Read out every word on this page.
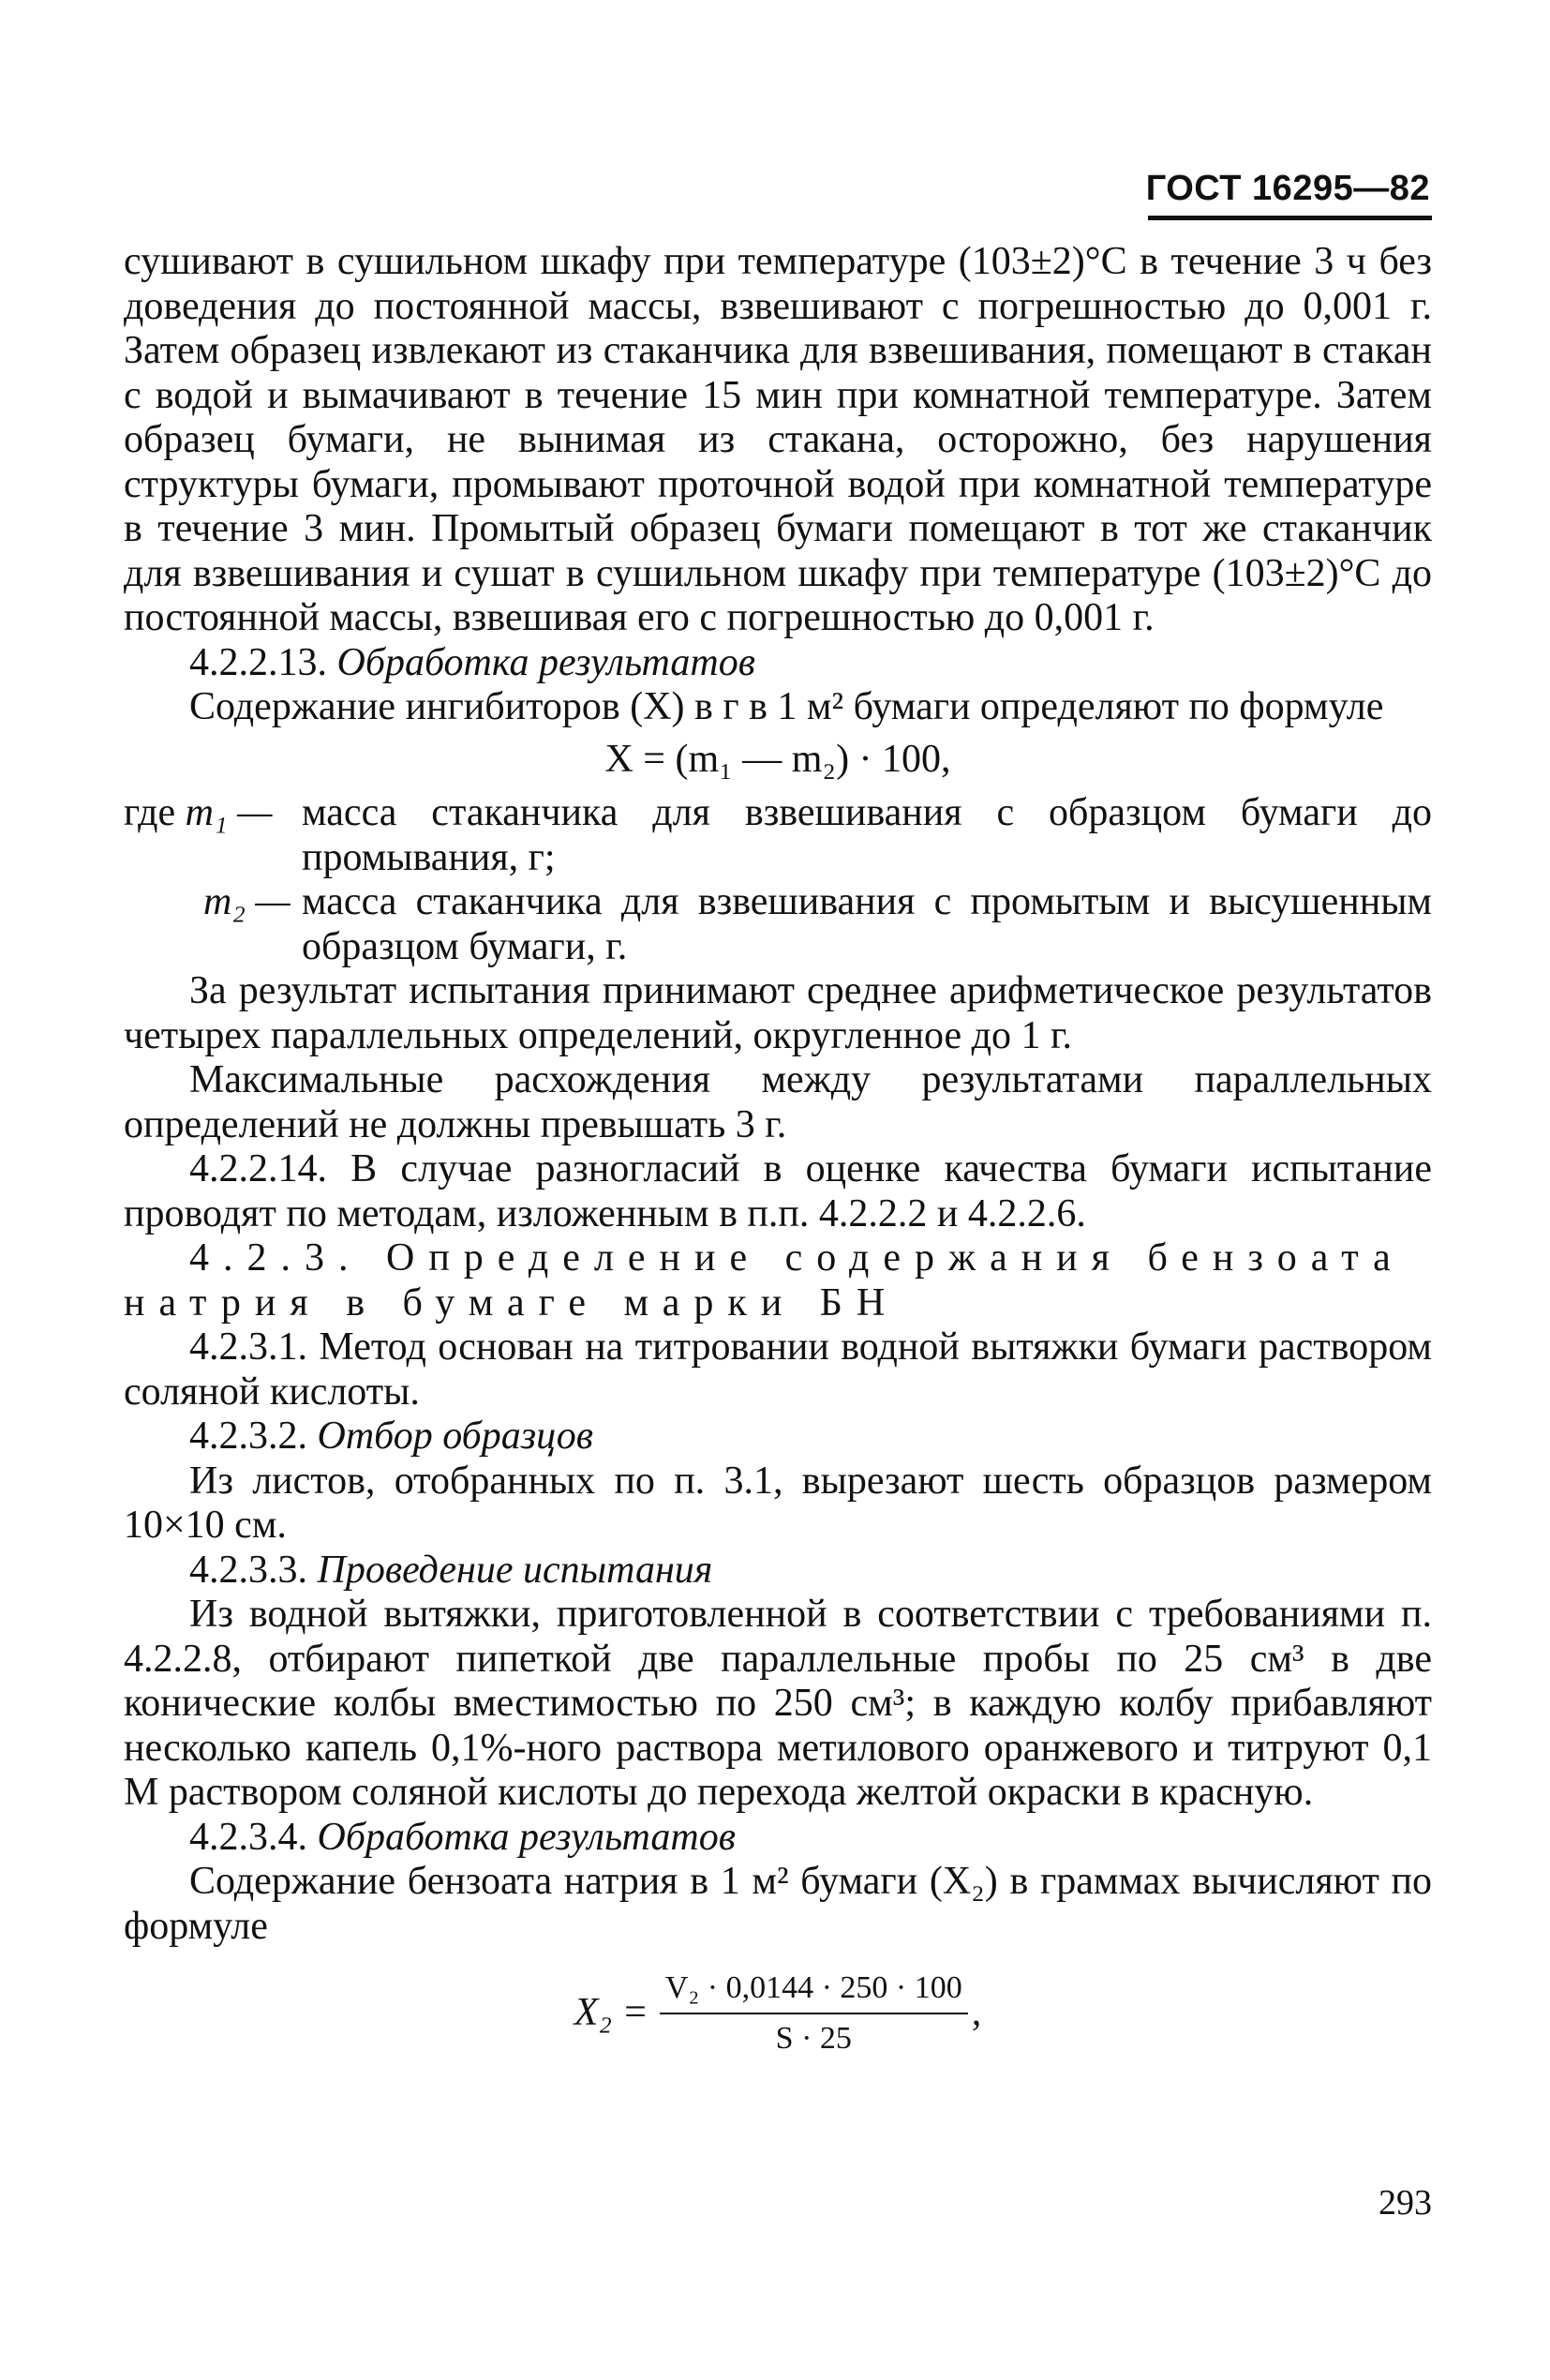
ГОСТ 16295—82

сушивают в сушильном шкафу при температуре (103±2)°С в течение 3 ч без доведения до постоянной массы, взвешивают с погрешностью до 0,001 г. Затем образец извлекают из стаканчика для взвешивания, помещают в стакан с водой и вымачивают в течение 15 мин при комнатной температуре. Затем образец бумаги, не вынимая из стакана, осторожно, без нарушения структуры бумаги, промывают проточной водой при комнатной температуре в течение 3 мин. Промытый образец бумаги помещают в тот же стаканчик для взвешивания и сушат в сушильном шкафу при температуре (103±2)°С до постоянной массы, взвешивая его с погрешностью до 0,001 г.

4.2.2.13. Обработка результатов

Содержание ингибиторов (X) в г в 1 м² бумаги определяют по формуле

X = (m₁ — m₂) · 100,
где m₁ — масса стаканчика для взвешивания с образцом бумаги до промывания, г;
m₂ — масса стаканчика для взвешивания с промытым и высушенным образцом бумаги, г.

За результат испытания принимают среднее арифметическое результатов четырех параллельных определений, округленное до 1 г.

Максимальные расхождения между результатами параллельных определений не должны превышать 3 г.

4.2.2.14. В случае разногласий в оценке качества бумаги испытание проводят по методам, изложенным в п.п. 4.2.2.2 и 4.2.2.6.

4.2.3. Определение содержания бензоата натрия в бумаге марки БН

4.2.3.1. Метод основан на титровании водной вытяжки бумаги раствором соляной кислоты.

4.2.3.2. Отбор образцов

Из листов, отобранных по п. 3.1, вырезают шесть образцов размером 10×10 см.

4.2.3.3. Проведение испытания

Из водной вытяжки, приготовленной в соответствии с требованиями п. 4.2.2.8, отбирают пипеткой две параллельные пробы по 25 см³ в две конические колбы вместимостью по 250 см³; в каждую колбу прибавляют несколько капель 0,1%-ного раствора метилового оранжевого и титруют 0,1 М раствором соляной кислоты до перехода желтой окраски в красную.

4.2.3.4. Обработка результатов

Содержание бензоата натрия в 1 м² бумаги (X₂) в граммах вычисляют по формуле

$X_2 = \frac{\text{V₂ · 0,0144 · 250 · 100}}{S \cdot 25}$ ,
293
